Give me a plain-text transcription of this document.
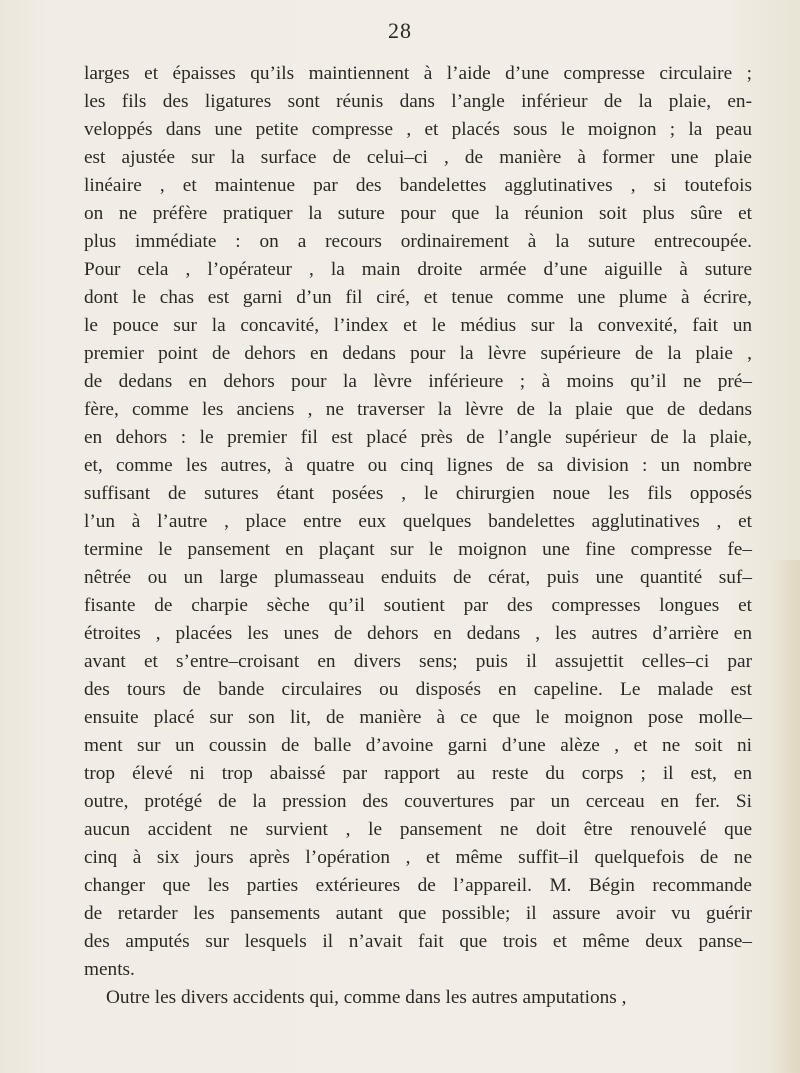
28
larges et épaisses qu’ils maintiennent à l’aide d’une compresse circulaire ;
les fils des ligatures sont réunis dans l’angle inférieur de la plaie, en-
veloppés dans une petite compresse , et placés sous le moignon ; la peau
est ajustée sur la surface de celui–ci , de manière à former une plaie
linéaire , et maintenue par des bandelettes agglutinatives , si toutefois
on ne préfère pratiquer la suture pour que la réunion soit plus sûre et
plus immédiate : on a recours ordinairement à la suture entrecoupée.
Pour cela , l’opérateur , la main droite armée d’une aiguille à suture
dont le chas est garni d’un fil ciré, et tenue comme une plume à écrire,
le pouce sur la concavité, l’index et le médius sur la convexité, fait un
premier point de dehors en dedans pour la lèvre supérieure de la plaie ,
de dedans en dehors pour la lèvre inférieure ; à moins qu’il ne pré–
fère, comme les anciens , ne traverser la lèvre de la plaie que de dedans
en dehors : le premier fil est placé près de l’angle supérieur de la plaie,
et, comme les autres, à quatre ou cinq lignes de sa division : un nombre
suffisant de sutures étant posées , le chirurgien noue les fils opposés
l’un à l’autre , place entre eux quelques bandelettes agglutinatives , et
termine le pansement en plaçant sur le moignon une fine compresse fe–
nêtrée ou un large plumasseau enduits de cérat, puis une quantité suf–
fisante de charpie sèche qu’il soutient par des compresses longues et
étroites , placées les unes de dehors en dedans , les autres d’arrière en
avant et s’entre–croisant en divers sens; puis il assujettit celles–ci par
des tours de bande circulaires ou disposés en capeline. Le malade est
ensuite placé sur son lit, de manière à ce que le moignon pose molle–
ment sur un coussin de balle d’avoine garni d’une alèze , et ne soit ni
trop élevé ni trop abaissé par rapport au reste du corps ; il est, en
outre, protégé de la pression des couvertures par un cerceau en fer. Si
aucun accident ne survient , le pansement ne doit être renouvelé que
cinq à six jours après l’opération , et même suffit–il quelquefois de ne
changer que les parties extérieures de l’appareil. M. Bégin recommande
de retarder les pansements autant que possible; il assure avoir vu guérir
des amputés sur lesquels il n’avait fait que trois et même deux panse–
ments.
Outre les divers accidents qui, comme dans les autres amputations ,
